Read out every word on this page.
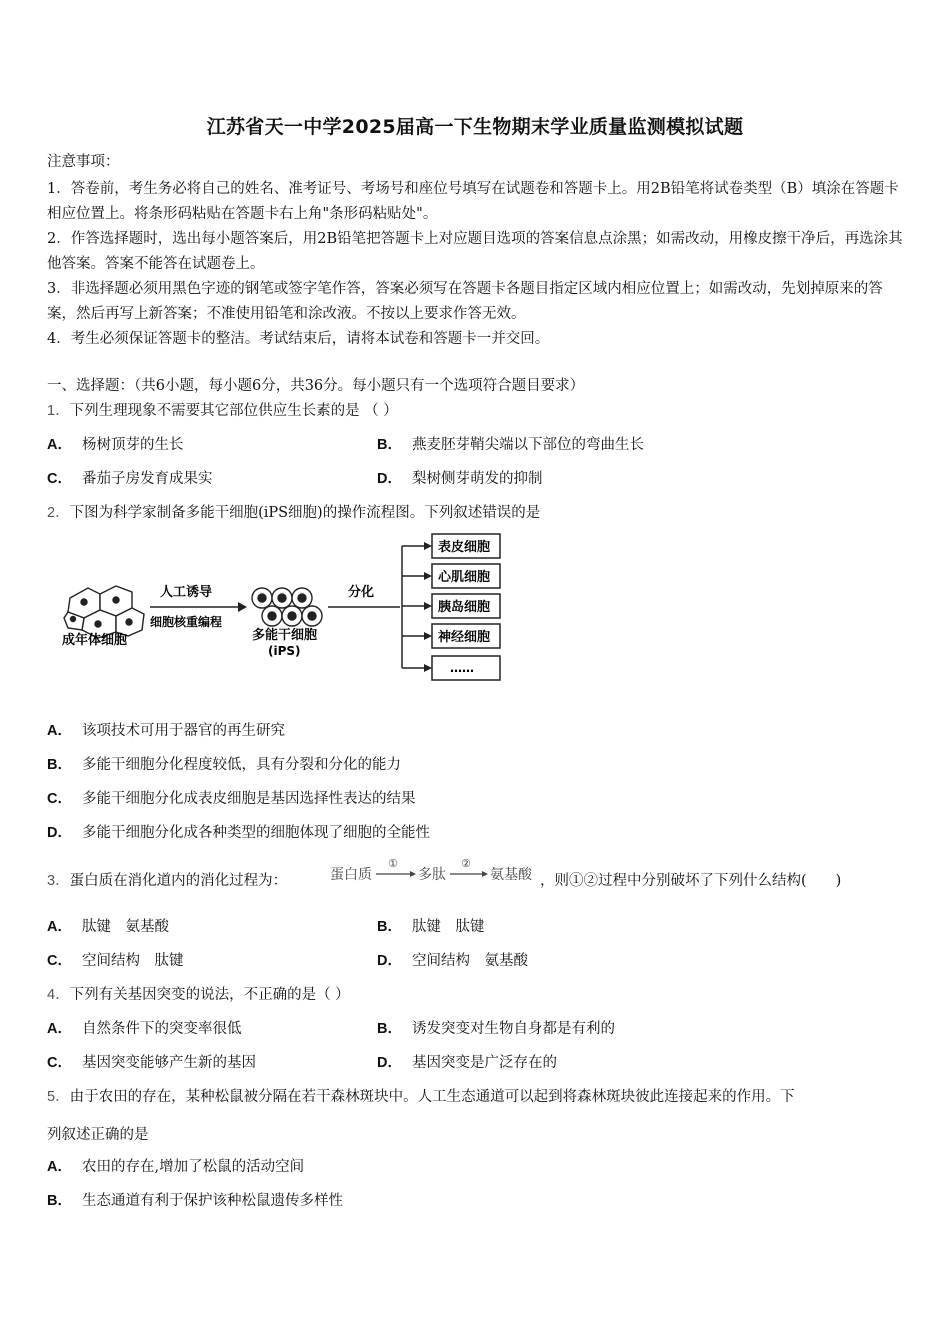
江苏省天一中学2025届高一下生物期末学业质量监测模拟试题
注意事项：
1．答卷前，考生务必将自己的姓名、准考证号、考场号和座位号填写在试题卷和答题卡上。用2B铅笔将试卷类型（B）填涂在答题卡相应位置上。将条形码粘贴在答题卡右上角"条形码粘贴处"。
2．作答选择题时，选出每小题答案后，用2B铅笔把答题卡上对应题目选项的答案信息点涂黑；如需改动，用橡皮擦干净后，再选涂其他答案。答案不能答在试题卷上。
3．非选择题必须用黑色字迹的钢笔或签字笔作答，答案必须写在答题卡各题目指定区域内相应位置上；如需改动，先划掉原来的答案，然后再写上新答案；不准使用铅笔和涂改液。不按以上要求作答无效。
4．考生必须保证答题卡的整洁。考试结束后，请将本试卷和答题卡一并交回。
一、选择题：（共6小题，每小题6分，共36分。每小题只有一个选项符合题目要求）
1．下列生理现象不需要其它部位供应生长素的是 （ ）
A． 杨树顶芽的生长	B． 燕麦胚芽鞘尖端以下部位的弯曲生长
C． 番茄子房发育成果实	D． 梨树侧芽萌发的抑制
2．下图为科学家制备多能干细胞(iPS细胞)的操作流程图。下列叙述错误的是
成年体细胞
人工诱导
细胞核重编程
多能干细胞
(iPS)
分化
表皮细胞
心肌细胞
胰岛细胞
神经细胞
……
A． 该项技术可用于器官的再生研究
B． 多能干细胞分化程度较低，具有分裂和分化的能力
C． 多能干细胞分化成表皮细胞是基因选择性表达的结果
D． 多能干细胞分化成各种类型的细胞体现了细胞的全能性
3．蛋白质在消化道内的消化过程为：	蛋白质
①
多肽
②
氨基酸 ，则①②过程中分别破坏了下列什么结构(　　)
A． 肽键　氨基酸	B． 肽键　肽键
C． 空间结构　肽键	D． 空间结构　氨基酸
4．下列有关基因突变的说法，不正确的是（ ）
A． 自然条件下的突变率很低	B． 诱发突变对生物自身都是有利的
C． 基因突变能够产生新的基因	D． 基因突变是广泛存在的
5．由于农田的存在，某种松鼠被分隔在若干森林斑块中。人工生态通道可以起到将森林斑块彼此连接起来的作用。下
列叙述正确的是
A． 农田的存在,增加了松鼠的活动空间
B． 生态通道有利于保护该种松鼠遗传多样性
